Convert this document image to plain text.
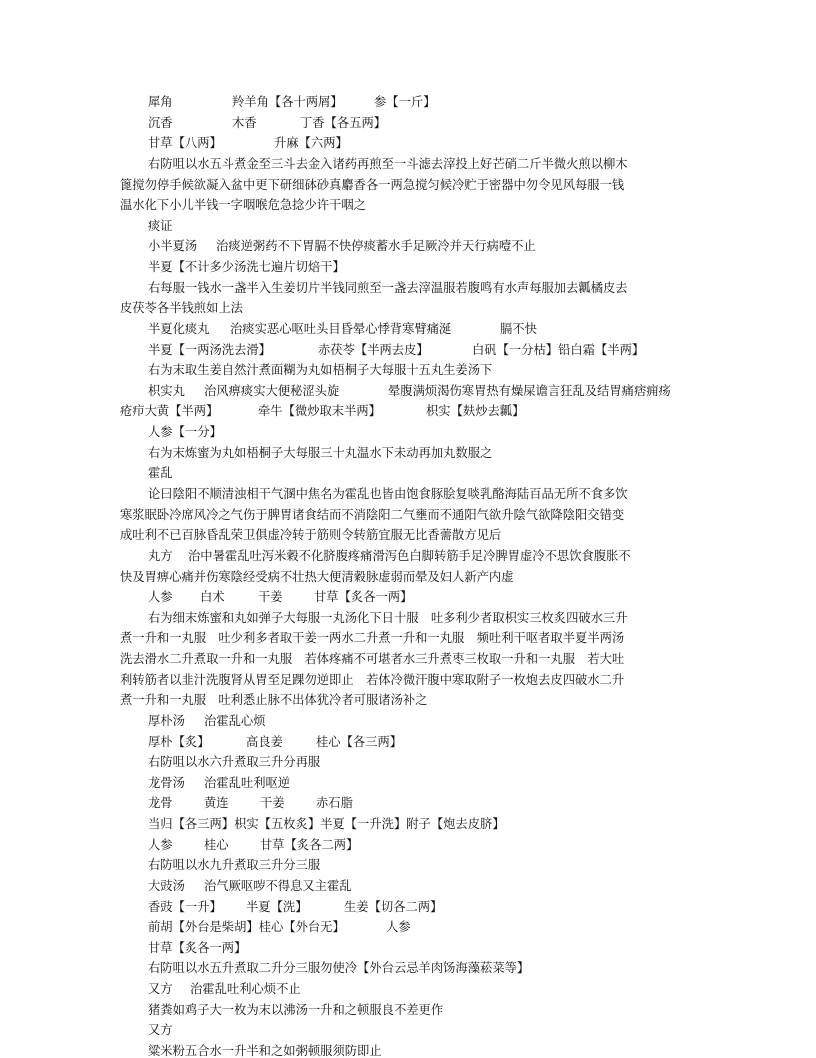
犀角	羚羊角【各十两屑】	参【一斤】
沉香	木香	丁香【各五两】
甘草【八两】	升麻【六两】
右防咀以水五斗煮金至三斗去金入诸药再煎至一斗滤去滓投上好芒硝二斤半微火煎以柳木
篦搅勿停手候欲凝入盆中更下研细砵砂真麝香各一两急搅匀候冷贮于密器中勿令见风每服一钱
温水化下小儿半钱一字咽喉危急捻少许干咽之
痰证
小半夏汤 治痰逆粥药不下胃膈不快停痰蓄水手足厥冷并天行病噎不止
半夏【不计多少汤洗七遍片切焙干】
右每服一钱水一盏半入生姜切片半钱同煎至一盏去滓温服若腹鸣有水声每服加去瓤橘皮去
皮茯苓各半钱煎如上法
半夏化痰丸 治痰实恶心呕吐头目昏晕心悸背寒臂痛涎	膈不快
半夏【一两汤洗去滑】	赤茯苓【半两去皮】	白矾【一分枯】铅白霜【半两】
右为末取生姜自然汁煮面糊为丸如梧桐子大每服十五丸生姜汤下
枳实丸 治风痹痰实大便秘涩头旋	晕腹满烦渴伤寒胃热有燥屎谵言狂乱及结胃痛痞痈疡
疮疖大黄【半两】	牵牛【微炒取末半两】	枳实【麸炒去瓤】
人参【一分】
右为末炼蜜为丸如梧桐子大每服三十丸温水下未动再加丸数服之
霍乱
论曰陰阳不顺清浊相干气溷中焦名为霍乱也皆由饱食豚脍复啖乳酪海陆百品无所不食多饮
寒浆眠卧冷席风冷之气伤于脾胃诸食结而不消陰阳二气壅而不通阳气欲升陰气欲降陰阳交错变
成吐利不已百脉昏乱荣卫俱虚冷转于筋则令转筋宜服无比香薷散方见后
丸方 治中暑霍乱吐泻米穀不化脐腹疼痛滑泻色白脚转筋手足冷脾胃虚冷不思饮食腹胀不
快及胃痹心痛并伤寒陰经受病不壮热大便清穀脉虚弱而晕及妇人新产内虚
人参 白术	干姜	甘草【炙各一两】
右为细末炼蜜和丸如弹子大每服一丸汤化下日十服　吐多利少者取枳实三枚炙四破水三升
煮一升和一丸服　吐少利多者取干姜一两水二升煮一升和一丸服　频吐利干呕者取半夏半两汤
洗去滑水二升煮取一升和一丸服　若体疼痛不可堪者水三升煮枣三枚取一升和一丸服　若大吐
利转筋者以韭汁洗腹肾从胃至足踝勿逆即止　若体冷微汗腹中寒取附子一枚炮去皮四破水二升
煮一升和一丸服　吐利悉止脉不出体犹冷者可服诸汤补之
厚朴汤 治霍乱心烦
厚朴【炙】	高良姜	桂心【各三两】
右防咀以水六升煮取三升分再服
龙骨汤 治霍乱吐利呕逆
龙骨	黄连	干姜	赤石脂
当归【各三两】枳实【五枚炙】半夏【一升洗】附子【炮去皮脐】
人参	桂心	甘草【炙各二两】
右防咀以水九升煮取三升分三服
大豉汤 治气厥呕哕不得息又主霍乱
香豉【一升】 半夏【洗】	生姜【切各二两】
前胡【外台是柴胡】桂心【外台无】	人参
甘草【炙各一两】
右防咀以水五升煮取二升分三服勿使冷【外台云忌羊肉饧海藻菘菜等】
又方 治霍乱吐利心烦不止
猪粪如鸡子大一枚为末以沸汤一升和之顿服良不差更作
又方
粱米粉五合水一升半和之如粥顿服须防即止
